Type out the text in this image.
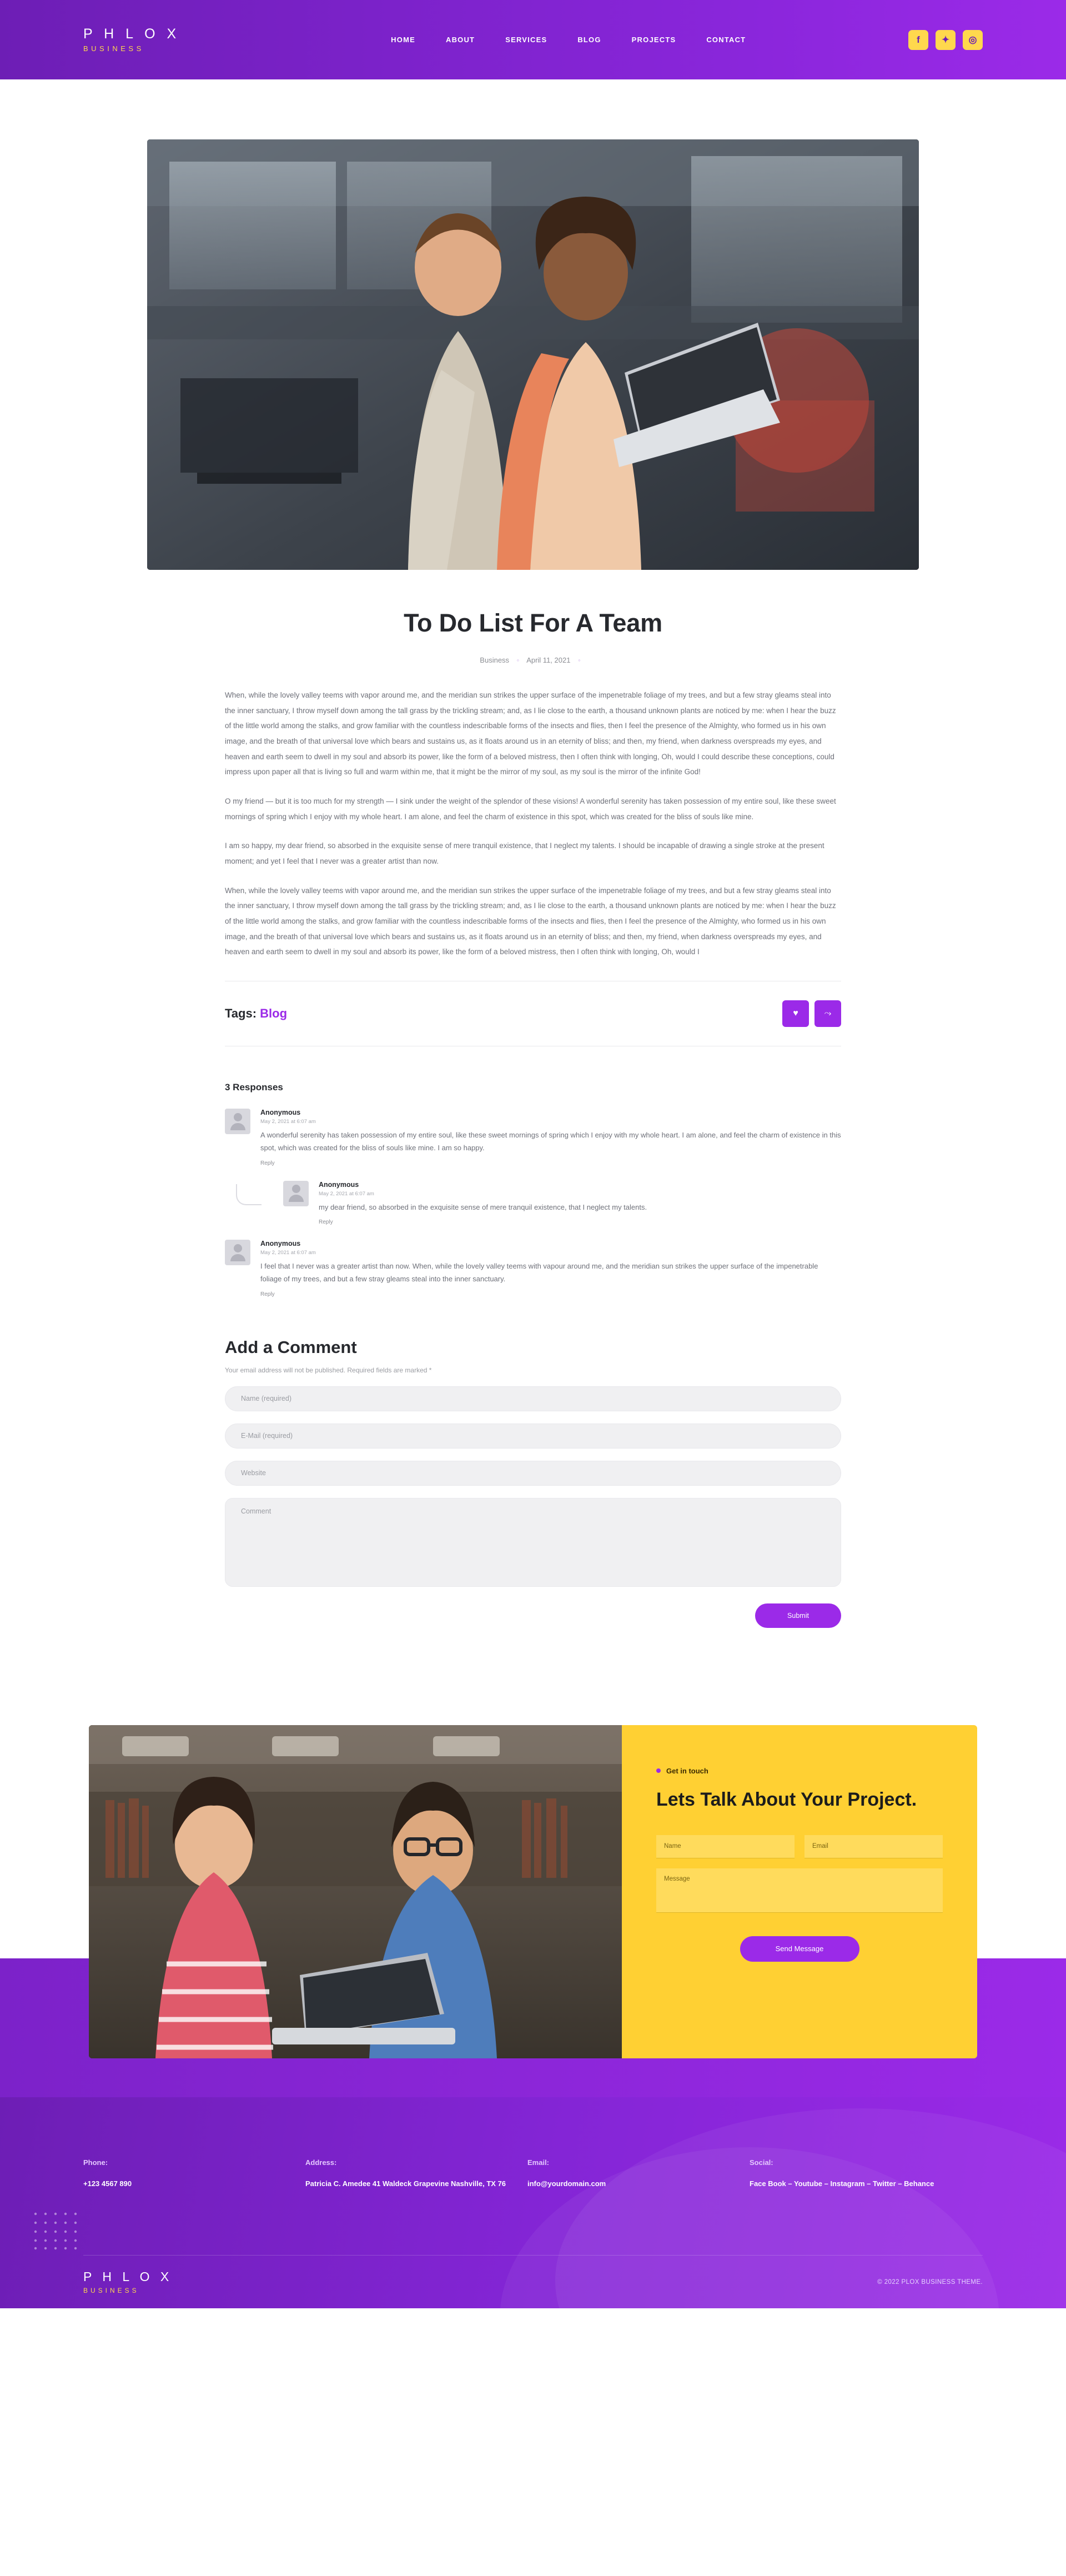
P H L O X
BUSINESS
HOME	ABOUT	SERVICES	BLOG	PROJECTS	CONTACT	f	✦	◎
To Do List For A Team
Business ◦ April 11, 2021 ◦

When, while the lovely valley teems with vapor around me, and the meridian sun strikes the upper surface of the impenetrable foliage of my trees, and but a few stray gleams steal into the inner sanctuary, I throw myself down among the tall grass by the trickling stream; and, as I lie close to the earth, a thousand unknown plants are noticed by me: when I hear the buzz of the little world among the stalks, and grow familiar with the countless indescribable forms of the insects and flies, then I feel the presence of the Almighty, who formed us in his own image, and the breath of that universal love which bears and sustains us, as it floats around us in an eternity of bliss; and then, my friend, when darkness overspreads my eyes, and heaven and earth seem to dwell in my soul and absorb its power, like the form of a beloved mistress, then I often think with longing, Oh, would I could describe these conceptions, could impress upon paper all that is living so full and warm within me, that it might be the mirror of my soul, as my soul is the mirror of the infinite God!

O my friend — but it is too much for my strength — I sink under the weight of the splendor of these visions! A wonderful serenity has taken possession of my entire soul, like these sweet mornings of spring which I enjoy with my whole heart. I am alone, and feel the charm of existence in this spot, which was created for the bliss of souls like mine.

I am so happy, my dear friend, so absorbed in the exquisite sense of mere tranquil existence, that I neglect my talents. I should be incapable of drawing a single stroke at the present moment; and yet I feel that I never was a greater artist than now.

When, while the lovely valley teems with vapor around me, and the meridian sun strikes the upper surface of the impenetrable foliage of my trees, and but a few stray gleams steal into the inner sanctuary, I throw myself down among the tall grass by the trickling stream; and, as I lie close to the earth, a thousand unknown plants are noticed by me: when I hear the buzz of the little world among the stalks, and grow familiar with the countless indescribable forms of the insects and flies, then I feel the presence of the Almighty, who formed us in his own image, and the breath of that universal love which bears and sustains us, as it floats around us in an eternity of bliss; and then, my friend, when darkness overspreads my eyes, and heaven and earth seem to dwell in my soul and absorb its power, like the form of a beloved mistress, then I often think with longing, Oh, would I

Tags: Blog	♥	⤳
3 Responses
Anonymous
May 2, 2021 at 6:07 am
A wonderful serenity has taken possession of my entire soul, like these sweet mornings of spring which I enjoy with my whole heart. I am alone, and feel the charm of existence in this spot, which was created for the bliss of souls like mine. I am so happy.
Reply
Anonymous
May 2, 2021 at 6:07 am
my dear friend, so absorbed in the exquisite sense of mere tranquil existence, that I neglect my talents.
Reply
Anonymous
May 2, 2021 at 6:07 am
I feel that I never was a greater artist than now. When, while the lovely valley teems with vapour around me, and the meridian sun strikes the upper surface of the impenetrable foliage of my trees, and but a few stray gleams steal into the inner sanctuary.
Reply
Add a Comment
Your email address will not be published. Required fields are marked *
Name (required)
E-Mail (required)
Website
Comment
Submit
Get in touch
Lets Talk About Your Project.
Name	Email
Message
Send Message
Phone:

+123 4567 890

Address:

Patricia C. Amedee 41 Waldeck Grapevine Nashville, TX 76

Email:

info@yourdomain.com

Social:

Face Book – Youtube – Instagram – Twitter – Behance

P H L O X
BUSINESS
© 2022 PLOX BUSINESS THEME.
